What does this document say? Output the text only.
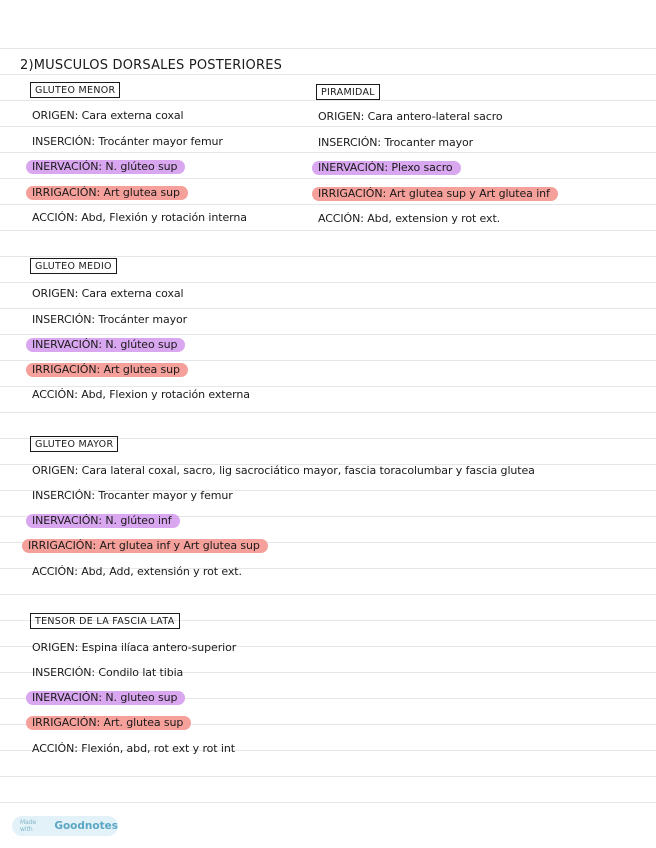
2)MUSCULOS DORSALES POSTERIORES
GLUTEO MENOR
ORIGEN: Cara externa coxal
INSERCIÓN: Trocánter mayor femur
INERVACIÓN: N. glúteo sup
IRRIGACIÓN: Art glutea sup
ACCIÓN: Abd, Flexión y rotación interna
PIRAMIDAL
ORIGEN: Cara antero-lateral sacro
INSERCIÓN: Trocanter mayor
INERVACIÓN: Plexo sacro
IRRIGACIÓN: Art glutea sup y Art glutea inf
ACCIÓN: Abd, extension y rot ext.
GLUTEO MEDIO
ORIGEN: Cara externa coxal
INSERCIÓN: Trocánter mayor
INERVACIÓN: N. glúteo sup
IRRIGACIÓN: Art glutea sup
ACCIÓN: Abd, Flexion y rotación externa
GLUTEO MAYOR
ORIGEN: Cara lateral coxal, sacro, lig sacrociático mayor, fascia toracolumbar y fascia glutea
INSERCIÓN: Trocanter mayor y femur
INERVACIÓN: N. glúteo inf
IRRIGACIÓN: Art glutea inf y Art glutea sup
ACCIÓN: Abd, Add, extensión y rot ext.
TENSOR DE LA FASCIA LATA
ORIGEN: Espina ilíaca antero-superior
INSERCIÓN: Condilo lat tibia
INERVACIÓN: N. gluteo sup
IRRIGACIÓN: Art. glutea sup
ACCIÓN: Flexión, abd, rot ext y rot int
Made with	Goodnotes
